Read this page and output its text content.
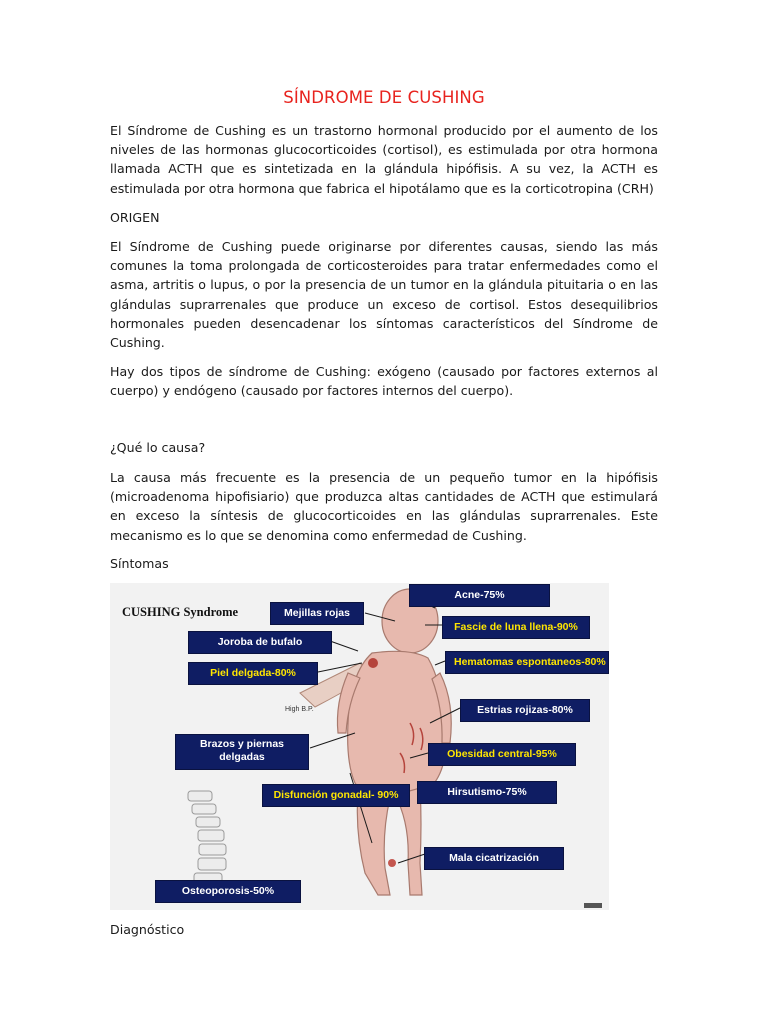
SÍNDROME DE CUSHING

El Síndrome de Cushing es un trastorno hormonal producido por el aumento de los niveles de las hormonas glucocorticoides (cortisol), es estimulada por otra hormona llamada ACTH que es sintetizada en la glándula hipófisis. A su vez, la ACTH es estimulada por otra hormona que fabrica el hipotálamo que es la corticotropina (CRH)

ORIGEN

El Síndrome de Cushing puede originarse por diferentes causas, siendo las más comunes la toma prolongada de corticosteroides para tratar enfermedades como el asma, artritis o lupus, o por la presencia de un tumor en la glándula pituitaria o en las glándulas suprarrenales que produce un exceso de cortisol. Estos desequilibrios hormonales pueden desencadenar los síntomas característicos del Síndrome de Cushing.

Hay dos tipos de síndrome de Cushing: exógeno (causado por factores externos al cuerpo) y endógeno (causado por factores internos del cuerpo).

¿Qué lo causa?

La causa más frecuente es la presencia de un pequeño tumor en la hipófisis (microadenoma hipofisiario) que produzca altas cantidades de ACTH que estimulará en exceso la síntesis de glucocorticoides en las glándulas suprarrenales. Este mecanismo es lo que se denomina como enfermedad de Cushing.

Síntomas

CUSHING Syndrome
High B.P.
Mejillas rojas
Joroba de bufalo
Piel delgada-80%
Brazos y piernas delgadas
Disfunción gonadal- 90%
Osteoporosis-50%
Acne-75%
Fascie de luna llena-90%
Hematomas espontaneos-80%
Estrias rojizas-80%
Obesidad central-95%
Hirsutismo-75%
Mala cicatrización

Diagnóstico
